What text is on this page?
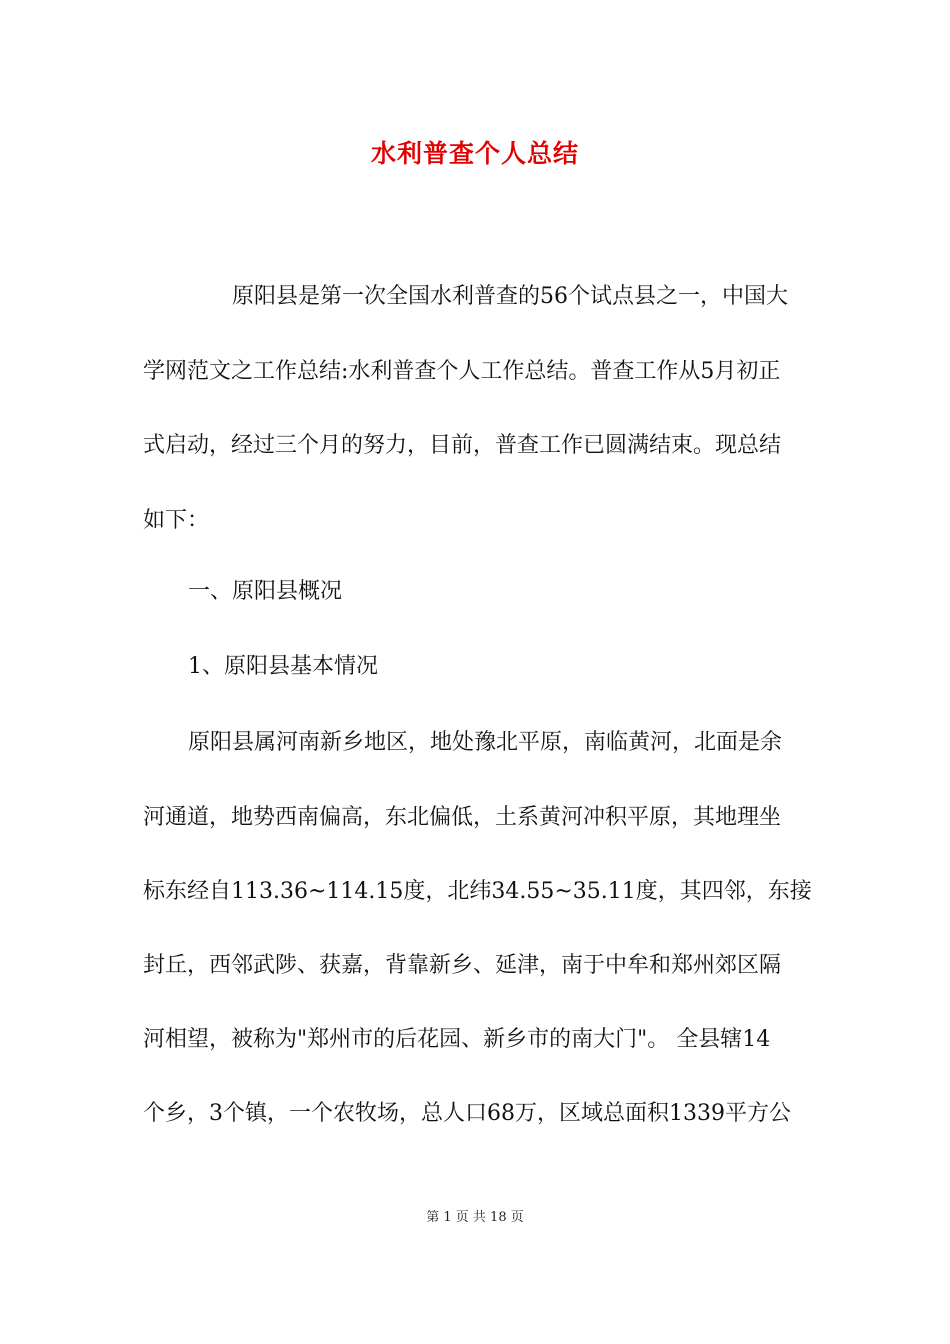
水利普查个人总结
原阳县是第一次全国水利普查的56个试点县之一，中国大
学网范文之工作总结:水利普查个人工作总结。普查工作从5月初正
式启动，经过三个月的努力，目前，普查工作已圆满结束。现总结
如下：
一、原阳县概况
1、原阳县基本情况
原阳县属河南新乡地区，地处豫北平原，南临黄河，北面是余
河通道，地势西南偏高，东北偏低，土系黄河冲积平原，其地理坐
标东经自113.36~114.15度，北纬34.55~35.11度，其四邻，东接
封丘，西邻武陟、获嘉，背靠新乡、延津，南于中牟和郑州郊区隔
河相望，被称为"郑州市的后花园、新乡市的南大门"。 全县辖14
个乡，3个镇，一个农牧场，总人口68万，区域总面积1339平方公
第 1 页 共 18 页
